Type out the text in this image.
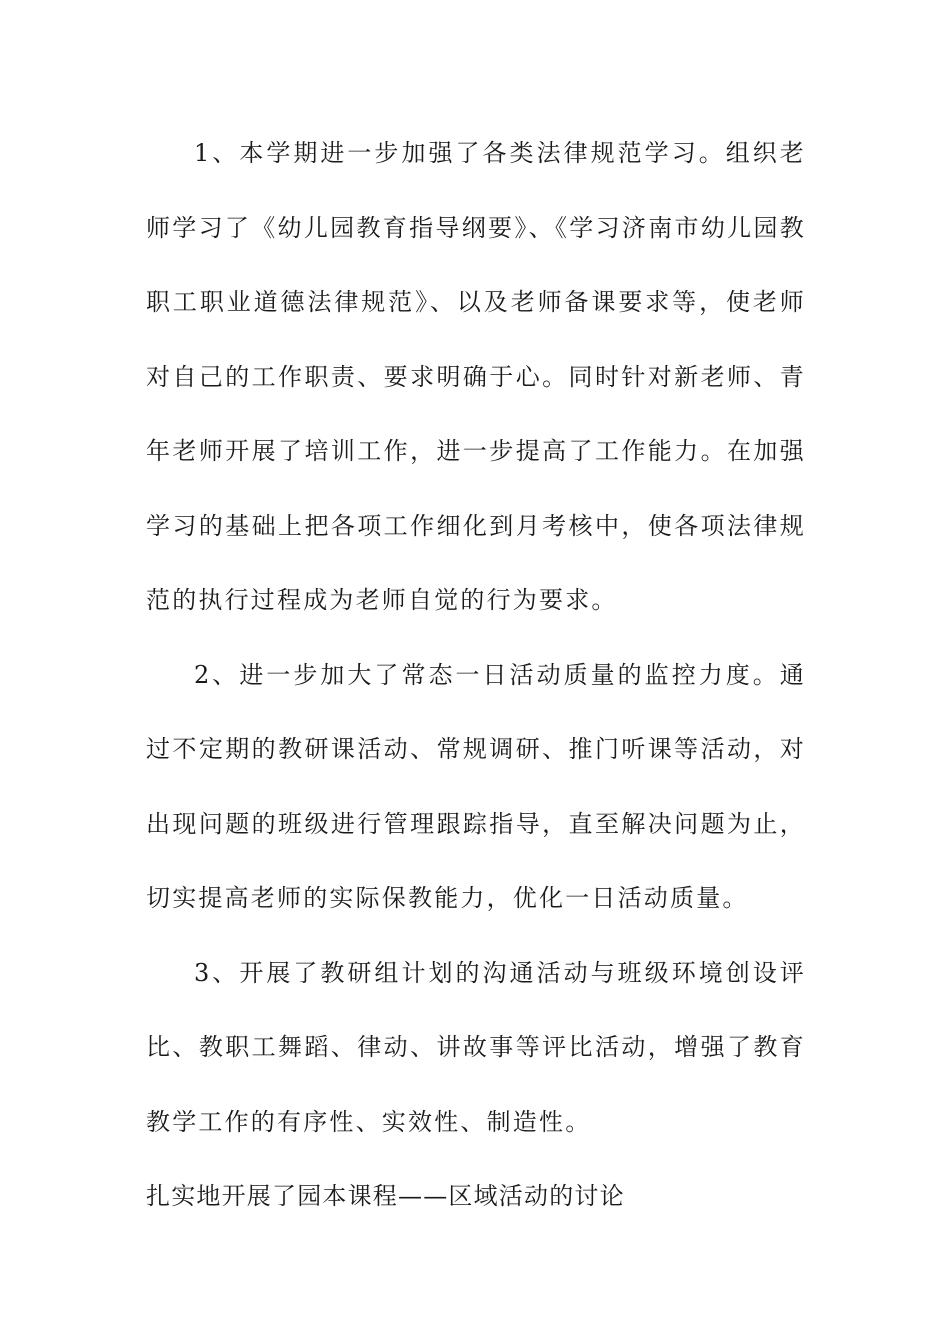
1、本学期进一步加强了各类法律规范学习。组织老师学习了《幼儿园教育指导纲要》、《学习济南市幼儿园教职工职业道德法律规范》、以及老师备课要求等，使老师对自己的工作职责、要求明确于心。同时针对新老师、青年老师开展了培训工作，进一步提高了工作能力。在加强学习的基础上把各项工作细化到月考核中，使各项法律规范的执行过程成为老师自觉的行为要求。

2、进一步加大了常态一日活动质量的监控力度。通过不定期的教研课活动、常规调研、推门听课等活动，对出现问题的班级进行管理跟踪指导，直至解决问题为止，切实提高老师的实际保教能力，优化一日活动质量。

3、开展了教研组计划的沟通活动与班级环境创设评比、教职工舞蹈、律动、讲故事等评比活动，增强了教育教学工作的有序性、实效性、制造性。

扎实地开展了园本课程——区域活动的讨论
